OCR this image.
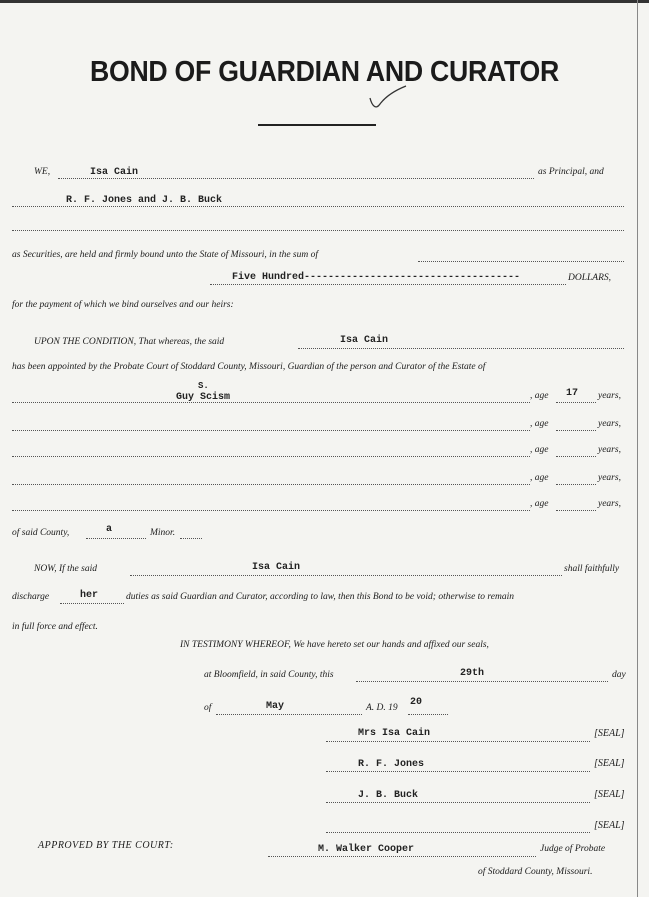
BOND OF GUARDIAN AND CURATOR
WE,	Isa Cain	as Principal, and
R. F. Jones and J. B. Buck
as Securities, are held and firmly bound unto the State of Missouri, in the sum of
Five Hundred------------------------------------	DOLLARS,
for the payment of which we bind ourselves and our heirs:
UPON THE CONDITION, That whereas, the said	Isa Cain
has been appointed by the Probate Court of Stoddard County, Missouri, Guardian of the person and Curator of the Estate of
S.
Guy Scism	, age 17 years,
, age	years,
, age	years,
, age	years,
, age	years,
of said County,	a	Minor.
NOW, If the said	Isa Cain	shall faithfully
discharge	her	duties as said Guardian and Curator, according to law, then this Bond to be void; otherwise to remain
in full force and effect.
IN TESTIMONY WHEREOF, We have hereto set our hands and affixed our seals,
at Bloomfield, in said County, this	29th	day
of	May	A. D. 19 20
Mrs Isa Cain	[SEAL]
R. F. Jones	[SEAL]
J. B. Buck	[SEAL]
[SEAL]
APPROVED BY THE COURT:	M. Walker Cooper	Judge of Probate
of Stoddard County, Missouri.
